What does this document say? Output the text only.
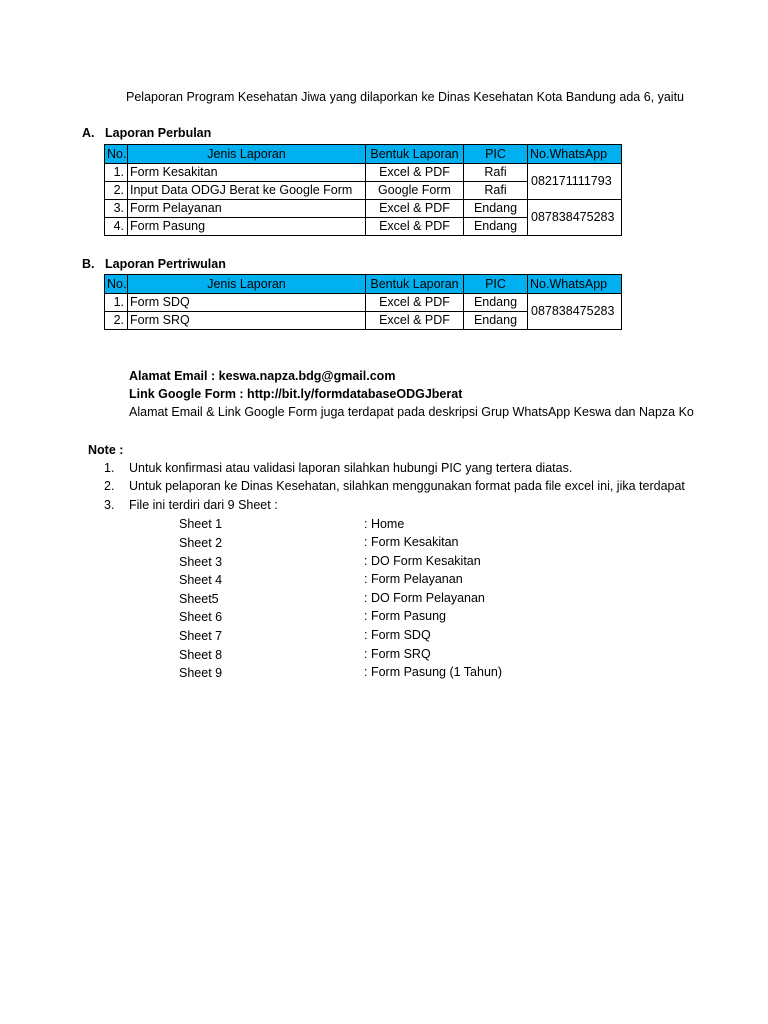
Pelaporan Program Kesehatan Jiwa yang dilaporkan ke Dinas Kesehatan Kota Bandung ada 6, yaitu
A. Laporan Perbulan
No.	Jenis Laporan	Bentuk Laporan	PIC	No.WhatsApp
1.	Form Kesakitan	Excel & PDF	Rafi	082171111793
2.	Input Data ODGJ Berat ke Google Form	Google Form	Rafi	
3.	Form Pelayanan	Excel & PDF	Endang	087838475283
4.	Form Pasung	Excel & PDF	Endang	
B. Laporan Pertriwulan
No.	Jenis Laporan	Bentuk Laporan	PIC	No.WhatsApp
1.	Form SDQ	Excel & PDF	Endang	087838475283
2.	Form SRQ	Excel & PDF	Endang	
Alamat Email : keswa.napza.bdg@gmail.com
Link Google Form : http://bit.ly/formdatabaseODGJberat
Alamat Email & Link Google Form juga terdapat pada deskripsi Grup WhatsApp Keswa dan Napza Ko
Note :
1. Untuk konfirmasi atau validasi laporan silahkan hubungi PIC yang tertera diatas.
2. Untuk pelaporan ke Dinas Kesehatan, silahkan menggunakan format pada file excel ini, jika terdapat
3. File ini terdiri dari 9 Sheet :
Sheet 1	: Home
Sheet 2	: Form Kesakitan
Sheet 3	: DO Form Kesakitan
Sheet 4	: Form Pelayanan
Sheet5	: DO Form Pelayanan
Sheet 6	: Form Pasung
Sheet 7	: Form SDQ
Sheet 8	: Form SRQ
Sheet 9	: Form Pasung (1 Tahun)
